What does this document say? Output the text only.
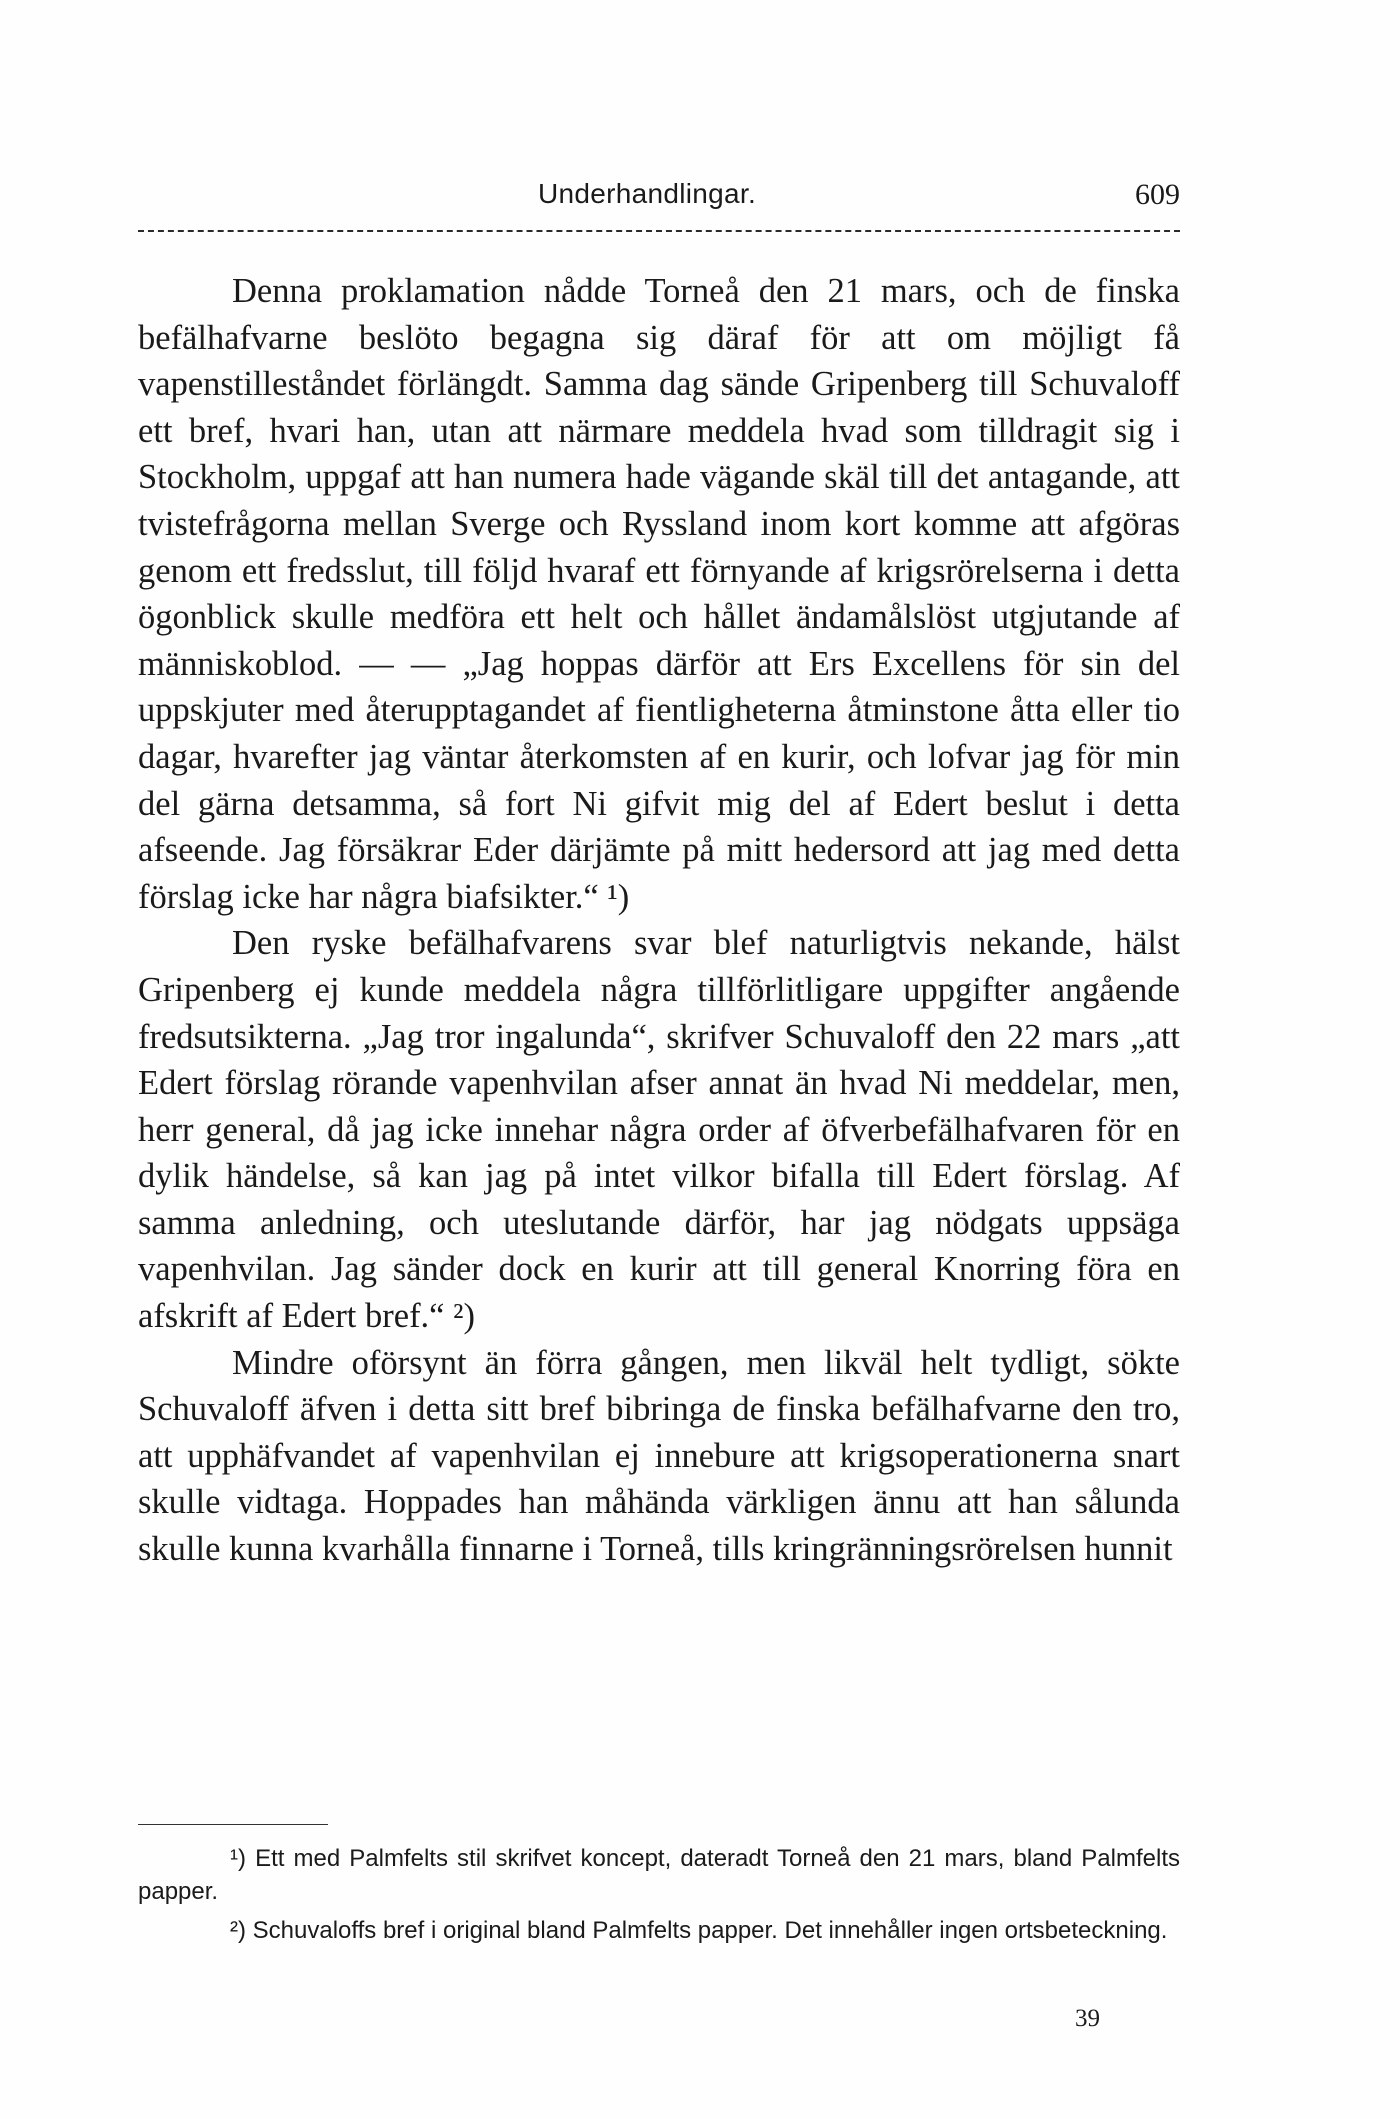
Underhandlingar.	609

Denna proklamation nådde Torneå den 21 mars, och de finska befälhafvarne beslöto begagna sig däraf för att om möjligt få vapenstilleståndet förlängdt. Samma dag sände Gripenberg till Schuvaloff ett bref, hvari han, utan att närmare meddela hvad som tilldragit sig i Stockholm, uppgaf att han numera hade vägande skäl till det antagande, att tvistefrågorna mellan Sverge och Ryssland inom kort komme att afgöras genom ett fredsslut, till följd hvaraf ett förnyande af krigsrörelserna i detta ögonblick skulle medföra ett helt och hållet ändamålslöst utgjutande af människoblod. — — „Jag hoppas därför att Ers Excellens för sin del uppskjuter med återupptagandet af fientligheterna åtminstone åtta eller tio dagar, hvarefter jag väntar återkomsten af en kurir, och lofvar jag för min del gärna detsamma, så fort Ni gifvit mig del af Edert beslut i detta afseende. Jag försäkrar Eder därjämte på mitt hedersord att jag med detta förslag icke har några biafsikter.“ ¹)

Den ryske befälhafvarens svar blef naturligtvis nekande, hälst Gripenberg ej kunde meddela några tillförlitligare uppgifter angående fredsutsikterna. „Jag tror ingalunda“, skrifver Schuvaloff den 22 mars „att Edert förslag rörande vapenhvilan afser annat än hvad Ni meddelar, men, herr general, då jag icke innehar några order af öfverbefälhafvaren för en dylik händelse, så kan jag på intet vilkor bifalla till Edert förslag. Af samma anledning, och uteslutande därför, har jag nödgats uppsäga vapenhvilan. Jag sänder dock en kurir att till general Knorring föra en afskrift af Edert bref.“ ²)

Mindre oförsynt än förra gången, men likväl helt tydligt, sökte Schuvaloff äfven i detta sitt bref bibringa de finska befälhafvarne den tro, att upphäfvandet af vapenhvilan ej innebure att krigsoperationerna snart skulle vidtaga. Hoppades han måhända värkligen ännu att han sålunda skulle kunna kvarhålla finnarne i Torneå, tills kringränningsrörelsen hunnit

¹) Ett med Palmfelts stil skrifvet koncept, dateradt Torneå den 21 mars, bland Palmfelts papper.

²) Schuvaloffs bref i original bland Palmfelts papper. Det innehåller ingen ortsbeteckning.

39
